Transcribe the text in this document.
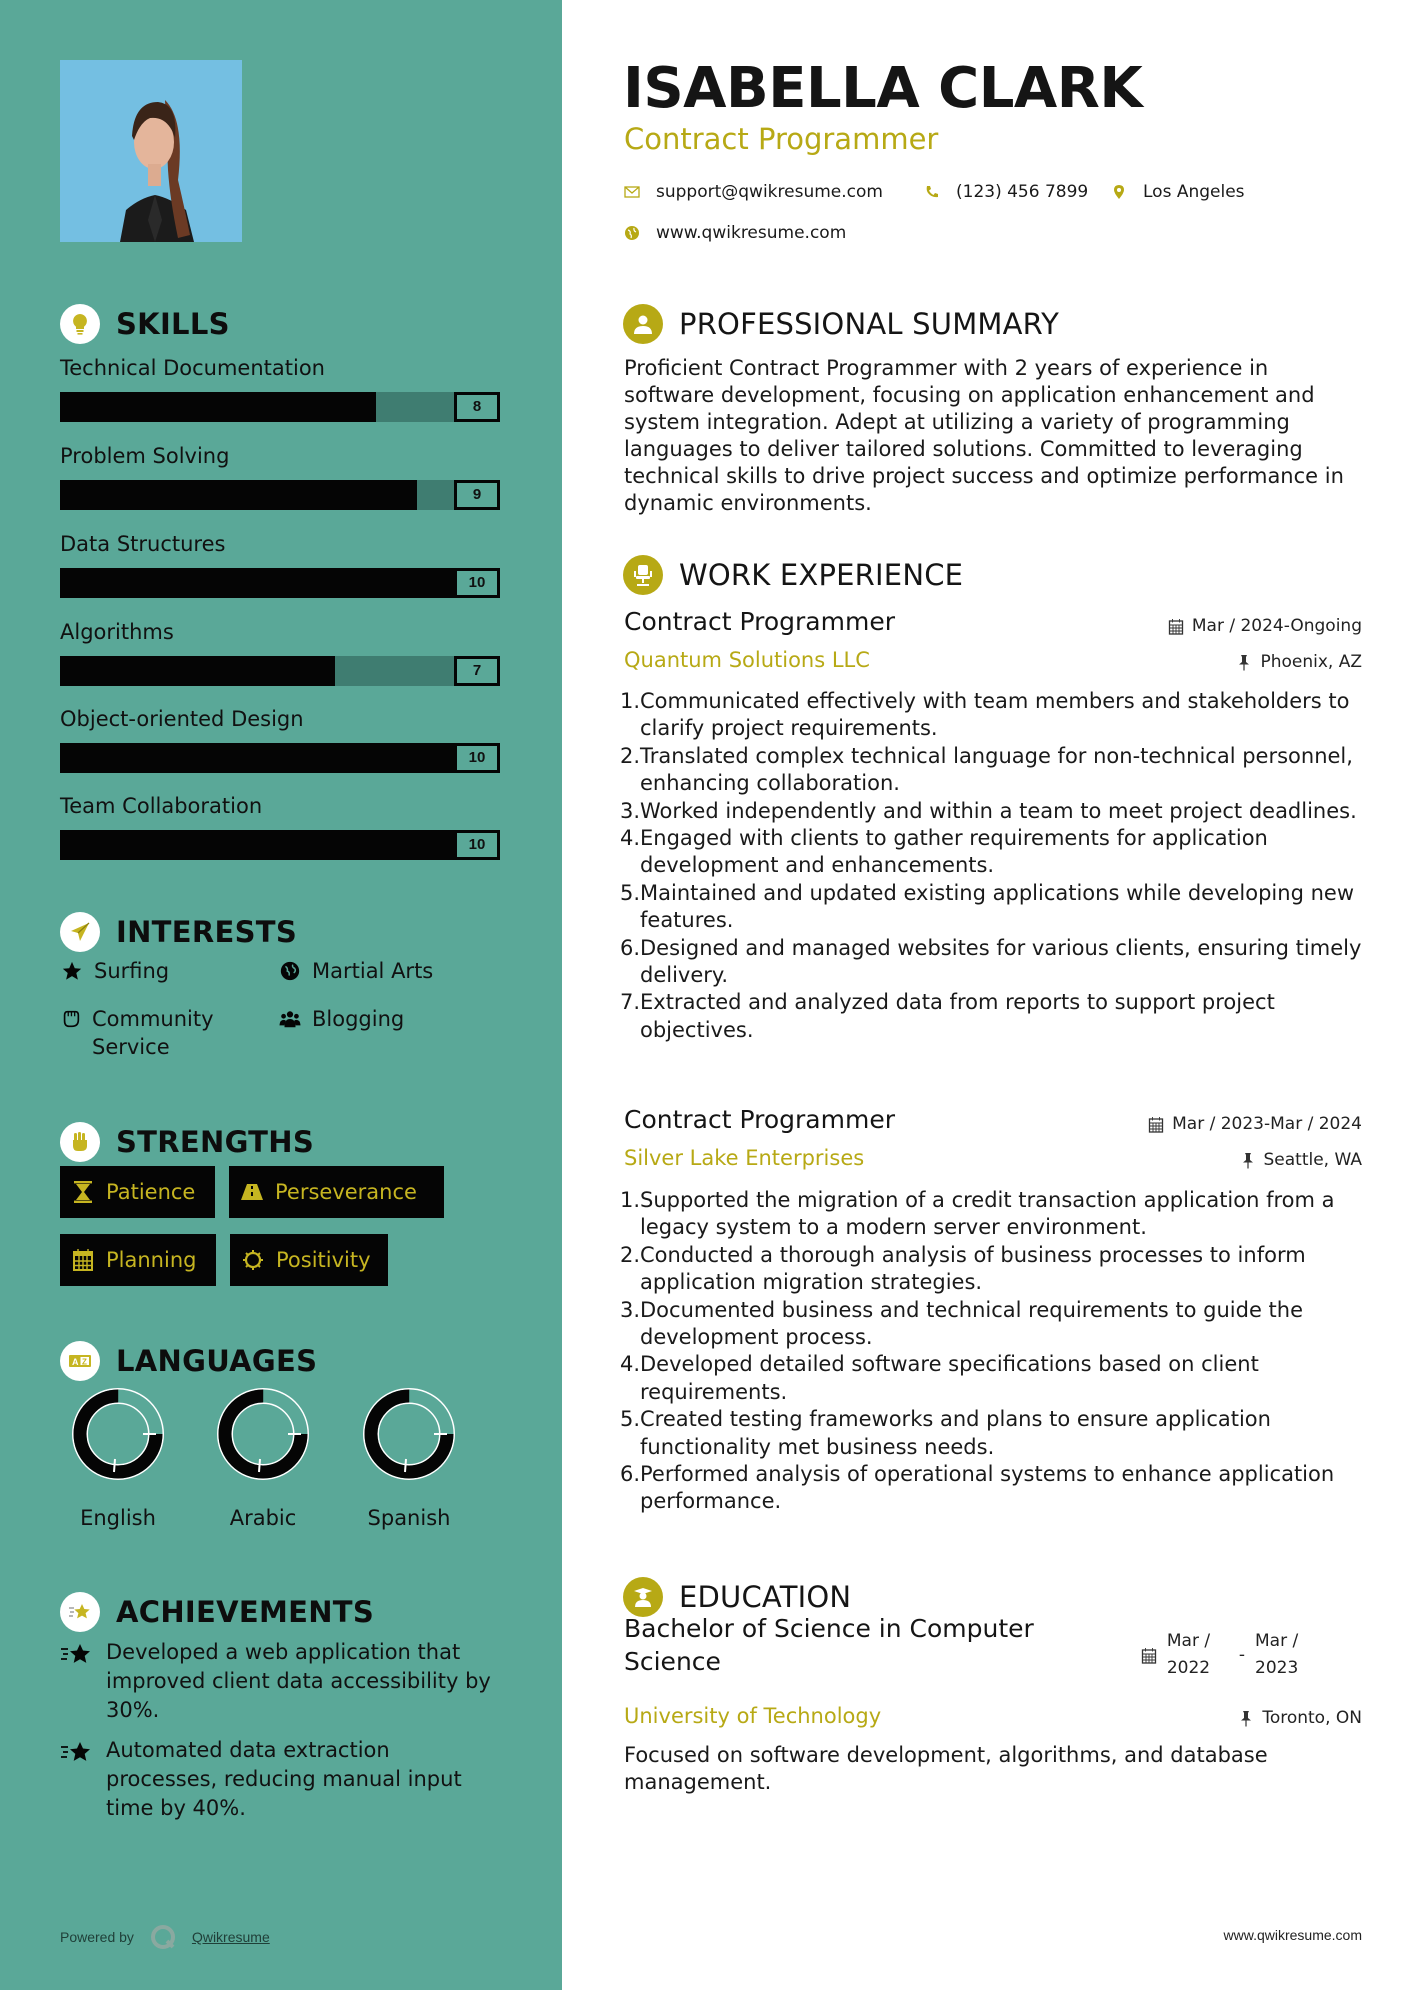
SKILLS
Technical Documentation
8
Problem Solving
9
Data Structures
10
Algorithms
7
Object-oriented Design
10
Team Collaboration
10
INTERESTS
Surfing	Martial Arts
Community Service
Blogging
STRENGTHS
Patience	Perseverance
Planning	Positivity
A Z LANGUAGES
English	Arabic	Spanish
ACHIEVEMENTS
Developed a web application that improved client data accessibility by 30%.
Automated data extraction processes, reducing manual input time by 40%.
Powered by	Qwikresume
ISABELLA CLARK
Contract Programmer
support@qwikresume.com	(123) 456 7899	Los Angeles
www.qwikresume.com
PROFESSIONAL SUMMARY

Proficient Contract Programmer with 2 years of experience in software development, focusing on application enhancement and system integration. Adept at utilizing a variety of programming languages to deliver tailored solutions. Committed to leveraging technical skills to drive project success and optimize performance in dynamic environments.

WORK EXPERIENCE
Contract Programmer	Mar / 2024-Ongoing
Quantum Solutions LLC	Phoenix, AZ
1. Communicated effectively with team members and stakeholders to clarify project requirements.
2. Translated complex technical language for non-technical personnel, enhancing collaboration.
3. Worked independently and within a team to meet project deadlines.
4. Engaged with clients to gather requirements for application development and enhancements.
5. Maintained and updated existing applications while developing new features.
6. Designed and managed websites for various clients, ensuring timely delivery.
7. Extracted and analyzed data from reports to support project objectives.
Contract Programmer	Mar / 2023-Mar / 2024
Silver Lake Enterprises	Seattle, WA
1. Supported the migration of a credit transaction application from a legacy system to a modern server environment.
2. Conducted a thorough analysis of business processes to inform application migration strategies.
3. Documented business and technical requirements to guide the development process.
4. Developed detailed software specifications based on client requirements.
5. Created testing frameworks and plans to ensure application functionality met business needs.
6. Performed analysis of operational systems to enhance application performance.
EDUCATION
Bachelor of Science in Computer Science
Mar / 2022
-
Mar / 2023
University of Technology	Toronto, ON

Focused on software development, algorithms, and database management.

www.qwikresume.com
